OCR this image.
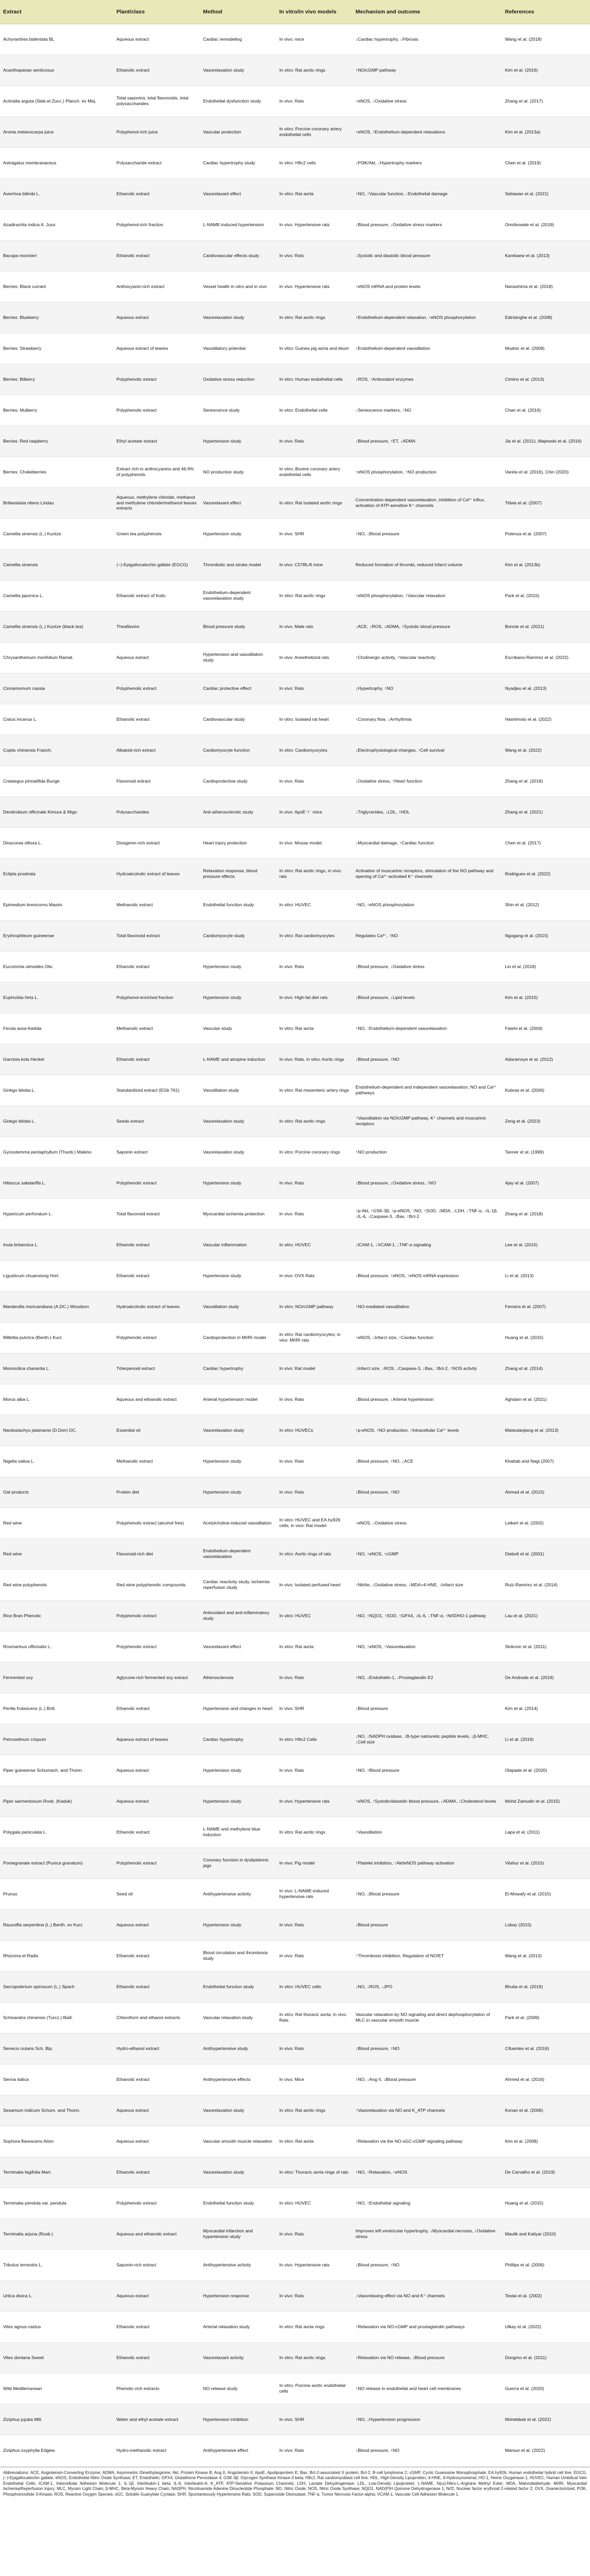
Extract	Plant/class	Method	In vitro/in vivo models	Mechanism and outcome	References
Achyranthes bidentata BL	Aqueous extract	Cardiac remodeling	In vivo: mice	↓Cardiac hypertrophy, ↓Fibrosis	Wang et al. (2018)
Acanthopanax senticosus	Ethanolic extract	Vasorelaxation study	In vitro: Rat aortic rings	↑NO/cGMP pathway	Kim et al. (2016)
Actinidia arguta (Sieb.et Zucc.) Planch. ex Miq.	Total saponins, total flavonoids, total polysaccharides	Endothelial dysfunction study	In vivo: Rats	↑eNOS, ↓Oxidative stress	Zhang et al. (2017)
Aronia melanocarpa juice	Polyphenol-rich juice	Vascular protection	In vitro: Porcine coronary artery endothelial cells	↑eNOS, ↑Endothelium-dependent relaxations	Kim et al. (2013a)
Astragalus membranaceus	Polysaccharide extract	Cardiac hypertrophy study	In vitro: H9c2 cells	↓PI3K/Akt, ↓Hypertrophy markers	Chen et al. (2019)
Averrhoa bilimbi L.	Ethanolic extract	Vasorelaxant effect	In vitro: Rat aorta	↑NO, ↑Vascular function, ↓Endothelial damage	Setiawan et al. (2021)
Azadirachta indica A. Juss	Polyphenol-rich fraction	L-NAME-induced hypertension	In vivo: Hypertensive rats	↓Blood pressure, ↓Oxidative stress markers	Omóbowale et al. (2019)
Bacopa monnieri	Ethanolic extract	Cardiovascular effects study	In vivo: Rats	↓Systolic and diastolic blood pressure	Kamkaew et al. (2013)
Berries: Black currant	Anthocyanin-rich extract	Vessel health in vitro and in vivo	In vivo: Hypertensive rats	↑eNOS mRNA and protein levels	Nanashima et al. (2018)
Berries: Blueberry	Aqueous extract	Vasorelaxation study	In vitro: Rat aortic rings	↑Endothelium-dependent relaxation, ↑eNOS phosphorylation	Edirisinghe et al. (2008)
Berries: Strawberry	Aqueous extract of leaves	Vasodilatory potential	In vitro: Guinea pig aorta and ileum	↑Endothelium-dependent vasodilation	Mudnic et al. (2009)
Berries: Bilberry	Polyphenolic extract	Oxidative stress reduction	In vitro: Human endothelial cells	↓ROS, ↑Antioxidant enzymes	Cimino et al. (2013)
Berries: Mulberry	Polyphenolic extract	Senescence study	In vitro: Endothelial cells	↓Senescence markers, ↑NO	Chan et al. (2016)
Berries: Red raspberry	Ethyl acetate extract	Hypertension study	In vivo: Rats	↓Blood pressure, ↑ET, ↓ADMA	Jia et al. (2011), Majewski et al. (2016)
Berries: Chokeberries	Extract rich in anthocyanins and 46.9% of polyphenols	NO production study	In vitro: Bovine coronary artery endothelial cells	↑eNOS phosphorylation, ↑NO production	Varela et al. (2016), Chin (2020)
Brillantaisia nitens Lindau	Aqueous, methylene chloride, methanol and methylene chloride/methanol leaves extracts	Vasorelaxant effect	In vitro: Rat isolated aortic rings	Concentration-dependent vasorelaxation, inhibition of Ca²⁺ influx, activation of ATP-sensitive K⁺ channels	Titiwa et al. (2007)
Camellia sinensis (L.) Kuntze	Green tea polyphenols	Hypertension study	In vivo: SHR	↑NO, ↓Blood pressure	Potenza et al. (2007)
Camellia sinensis	(−)-Epigallocatechin gallate (EGCG)	Thrombotic and stroke model	In vivo: C57BL/6 mice	Reduced formation of thrombi, reduced infarct volume	Kim et al. (2013b)
Camellia japonica L.	Ethanolic extract of fruits	Endothelium-dependent vasorelaxation study	In vitro: Rat aortic rings	↑eNOS phosphorylation, ↑Vascular relaxation	Park et al. (2015)
Camellia sinensis (L.) Kuntze (black tea)	Theaflavins	Blood pressure study	In vivo: Male rats	↓ACE, ↓ROS, ↓ADMA, ↑Systolic blood pressure	Bonnie et al. (2021)
Chrysanthemum morifolium Ramat.	Aqueous extract	Hypertension and vasodilation study	In vivo: Anesthetized rats	↑Cholinergic activity, ↑Vascular reactivity	Escribano-Ramírez et al. (2022)
Cinnamomum cassia	Polyphenolic extract	Cardiac protective effect	In vivo: Rats	↓Hypertrophy, ↑NO	Nyadjeu et al. (2013)
Cistus incanus L.	Ethanolic extract	Cardiovascular study	In vitro: Isolated rat heart	↑Coronary flow, ↓Arrhythmia	Hashimoto et al. (2022)
Coptis chinensis Franch.	Alkaloid-rich extract	Cardiomyocyte function	In vitro: Cardiomyocytes	↓Electrophysiological changes, ↑Cell survival	Wang et al. (2022)
Crataegus pinnatifida Bunge	Flavonoid extract	Cardioprotective study	In vivo: Rats	↓Oxidative stress, ↑Heart function	Zhang et al. (2019)
Dendrobium officinale Kimura & Migo	Polysaccharides	Anti-atherosclerotic study	In vivo: ApoE⁻/⁻ mice	↓Triglycerides, ↓LDL, ↑HDL	Zhang et al. (2021)
Dioscorea villosa L.	Diosgenin-rich extract	Heart injury protection	In vivo: Mouse model	↓Myocardial damage, ↑Cardiac function	Chen et al. (2017)
Eclipta prostrata	Hydroalcoholic extract of leaves	Relaxation response, blood pressure effects	In vitro: Rat aortic rings, in vivo: rats	Activation of muscarinic receptors, stimulation of the NO pathway and opening of Ca²⁺-activated K⁺ channels	Rodrigues et al. (2022)
Epimedium brevicornu Maxim.	Methanolic extract	Endothelial function study	In vitro: HUVEC	↑NO, ↑eNOS phosphorylation	Shin et al. (2012)
Erythrophleum guineense	Total flavonoid extract	Cardiomyocyte study	In vitro: Rat cardiomyocytes	Regulates Ca²⁺, ↑NO	Ngogang et al. (2015)
Eucommia ulmoides Oliv.	Ethanolic extract	Hypertension study	In vivo: Rats	↓Blood pressure, ↓Oxidative stress	Lin et al. (2018)
Euphorbia hirta L.	Polyphenol-enriched fraction	Hypertension study	In vivo: High-fat diet rats	↓Blood pressure, ↓Lipid levels	Kim et al. (2015)
Ferula assa-foetida	Methanolic extract	Vascular study	In vitro: Rat aorta	↑NO, ↑Endothelium-dependent vasorelaxation	Fatehi et al. (2004)
Garcinia kola Heckel	Ethanolic extract	L-NAME and atropine induction	In vivo: Rats, in vitro: Aortic rings	↓Blood pressure, ↑NO	Adaramoye et al. (2012)
Ginkgo biloba L.	Standardized extract (EGb 761)	Vasodilation study	In vitro: Rat mesenteric artery rings	Endothelium-dependent and independent vasorelaxation, NO and Ca²⁺ pathways	Kubota et al. (2006)
Ginkgo biloba L.	Seeds extract	Vasorelaxation study	In vitro: Rat aortic rings	↑Vasodilation via NO/cGMP pathway, K⁺ channels and muscarinic receptors	Zeng et al. (2023)
Gynostemma pentaphyllum (Thunb.) Makino	Saponin extract	Vasorelaxation study	In vitro: Porcine coronary rings	↑NO production	Tanner et al. (1999)
Hibiscus sabdariffa L.	Polyphenolic extract	Hypertension study	In vivo: Rats	↓Blood pressure, ↓Oxidative stress, ↑NO	Ajay et al. (2007)
Hypericum perforatum L.	Total flavonoid extract	Myocardial ischemia protection	In vivo: Rats	↑p-Akt, ↑GSK-3β, ↑p-eNOS, ↑NO, ↑SOD, ↓MDA, ↓LDH, ↓TNF-α, ↓IL-1β, ↓IL-6, ↓Caspase-3, ↓Bax, ↑Bcl-2	Zhang et al. (2018)
Inula britannica L.	Ethanolic extract	Vascular inflammation	In vitro: HUVEC	↓ICAM-1, ↓VCAM-1, ↓TNF-α signaling	Lee et al. (2015)
Ligusticum chuanxiong Hort.	Ethanolic extract	Hypertension study	In vivo: OVX Rats	↓Blood pressure, ↑eNOS, ↑eNOS mRNA expression	Li et al. (2013)
Mandevilla moricandiana (A.DC.) Woodson	Hydroalcoholic extract of leaves	Vasodilation study	In vitro: NO/cGMP pathway	↑NO-mediated vasodilation	Ferreira et al. (2007)
Millettia pulchra (Benth.) Kurz	Polyphenolic extract	Cardioprotection in MI/RI model	In vitro: Rat cardiomyocytes; in vivo: MI/RI rats	↑eNOS, ↓Infarct size, ↑Cardiac function	Huang et al. (2015)
Momordica charantia L.	Triterpenoid extract	Cardiac hypertrophy	In vivo: Rat model	↓Infarct size, ↓ROS, ↓Caspase-3, ↓Bax, ↑Bcl-2, ↑NOS activity	Zhang et al. (2014)
Morus alba L.	Aqueous and ethanolic extract	Arterial hypertension model	In vivo: Rats	↓Blood pressure, ↓Arterial hypertension	Aghdam et al. (2021)
Nardostachys jatamansi (D.Don) DC.	Essential oil	Vasorelaxation study	In vitro: HUVECs	↑p-eNOS, ↑NO production, ↑Intracellular Ca²⁺ levels	Maiwulanjiang et al. (2013)
Nigella sativa L.	Methanolic extract	Hypertension study	In vivo: Rats	↓Blood pressure, ↑NO, ↓ACE	Khattab and Nagi (2007)
Oat products	Protein diet	Hypertension study	In vivo: Rats	↓Blood pressure, ↑NO	Ahmad et al. (2015)
Red wine	Polyphenolic extract (alcohol free)	Acetylcholine-induced vasodilation	In vitro: HUVEC and EA.hy926 cells; in vivo: Rat model	↑eNOS, ↓Oxidative stress	Leikert et al. (2002)
Red wine	Flavonoid-rich diet	Endothelium-dependent vasorelaxation	In vitro: Aortic rings of rats	↑NO, ↑eNOS, ↑cGMP	Diebolt et al. (2001)
Red wine polyphenols	Red wine polyphenolic compounds	Cardiac reactivity study, ischemia-reperfusion study	In vivo: Isolated perfused heart	↑Nitrite, ↓Oxidative stress, ↓MDA+4-HNE, ↓Infarct size	Ruiz-Ramírez et al. (2014)
Rice Bran Phenolic	Polyphenolic extract	Antioxidant and anti-inflammatory study	In vitro: HUVEC	↑NO, ↑NQO1, ↑SOD, ↑GPX4, ↓IL-6, ↓TNF-α, ↑Nrf2/HO-1 pathway	Lau et al. (2021)
Rosmarinus officinalis L.	Polyphenolic extract	Vasorelaxant effect	In vitro: Rat aorta	↑NO, ↑eNOS, ↑Vasorelaxation	Sinkovic et al. (2011)
Fermented soy	Aglycone-rich fermented soy extract	Atherosclerosis	In vivo: Rats	↑NO, ↓Endothelin-1, ↓Prostaglandin E2	De Andrade et al. (2019)
Perilla frutescens (L.) Britt.	Ethanolic extract	Hypertension and changes in heart	In vivo: SHR	↓Blood pressure	Kim et al. (2014)
Petroselinum crispum	Aqueous extract of leaves	Cardiac hypertrophy	In vitro: H9c2 Cells	↓NO, ↓NADPH oxidase, ↓B-type natriuretic peptide levels, ↓β-MHC, ↓Cell size	Li et al. (2019)
Piper guineense Schumach. and Thonn.	Aqueous extract	Hypertension study	In vivo: Rats	↑NO, ↑Blood pressure	Olapade et al. (2020)
Piper sarmentosum Roxb. (Kaduk)	Aqueous extract	Hypertension study	In vivo: Hypertensive rats	↑eNOS, ↑Systolic/diastolic blood pressure, ↓ADMA, ↓Cholesterol levels	Mohd Zainudin et al. (2015)
Polygala paniculata L.	Ethanolic extract	L-NAME and methylene blue induction	In vitro: Rat aortic rings	↑Vasodilation	Lapa et al. (2011)
Pomegranate extract (Punica granatum)	Polyphenolic extract	Coronary function in dyslipidemic pigs	In vivo: Pig model	↑Platelet inhibition, ↑Akt/eNOS pathway activation	Vilahur et al. (2015)
Prunus	Seed oil	Antihypertensive activity	In vivo: L-NAME-induced hypertensive rats	↑NO, ↓Blood pressure	El-Mowafy et al. (2015)
Rauvolfia serpentina (L.) Benth. ex Kurz	Aqueous extract	Hypertension study	In vivo: Rats	↓Blood pressure	Lobay (2015)
Rhizoma et Radix	Ethanolic extract	Blood circulation and thrombosis study	In vivo: Rats	↑Thrombosis inhibition, Regulation of NO/ET	Wang et al. (2013)
Sarcopoterium spinosum (L.) Spach	Ethanolic extract	Endothelial function study	In vitro: HUVEC cells	↓NO, ↓ROS, ↓JPO	Bhutia et al. (2019)
Schisandra chinensis (Turcz.) Baill.	Chloroform and ethanol extracts	Vascular relaxation study	In vitro: Rat thoracic aorta; in vivo: Rats	Vascular relaxation by NO signaling and direct dephosphorylation of MLC in vascular smooth muscle	Park et al. (2009)
Senecio nutans Sch. Bip.	Hydro-ethanol extract	Antihypertensive study	In vivo: Rats	↓Blood pressure, ↑NO	Cifuentes et al. (2016)
Senna italica	Ethanolic extract	Antihypertensive effects	In vivo: Mice	↑NO, ↓Ang II, ↓Blood pressure	Ahmed et al. (2016)
Sesamum indicum Schum. and Thonn.	Aqueous extract	Vasorelaxation study	In vitro: Rat aortic rings	↑Vasorelaxation via NO and K_ATP channels	Konan et al. (2006)
Sophora flavescens Aiton	Aqueous extract	Vascular smooth muscle relaxation	In vitro: Rat aorta	↑Relaxation via the NO-sGC-cGMP signaling pathway	Kim et al. (2008)
Terminalia fagifolia Mart.	Ethanolic extract	Vasorelaxation study	In vitro: Thoracic aorta rings of rats	↑NO, ↑Relaxation, ↑eNOS	De Carvalho et al. (2019)
Terminalia pendula var. pendula	Polyphenolic extract	Endothelial function study	In vitro: HUVEC	↑NO, ↑Endothelial signaling	Huang et al. (2015)
Terminalia arjuna (Roxb.)	Aqueous and ethanolic extract	Myocardial infarction and hypertension study	In vivo: Rats	Improves left ventricular hypertrophy, ↓Myocardial necrosis, ↓Oxidative stress	Maulik and Katiyar (2010)
Tribulus terrestris L.	Saponin-rich extract	Antihypertensive activity	In vivo: Hypertensive rats	↓Blood pressure, ↑NO	Phillips et al. (2006)
Urtica dioica L.	Aqueous extract	Hypertension response	In vivo: Rats	↓Vasorelaxing effect via NO and K⁺ channels	Testai et al. (2002)
Vitex agnus-castus	Ethanolic extract	Arterial relaxation study	In vitro: Rat aorta rings	↑Relaxation via NO-cGMP and prostaglandin pathways	Ulkay et al. (2022)
Vitex doniana Sweet	Ethanolic extract	Vasorelaxant activity	In vitro: Rat aortic rings	↑Relaxation via NO release, ↓Blood pressure	Dongmo et al. (2011)
Wild Mediterranean	Phenolic-rich extracts	NO release study	In vitro: Porcine aortic endothelial cells	↑NO release in endothelial and heart cell membranes	Guerra et al. (2020)
Ziziphus jujuba Mill.	Water and ethyl acetate extract	Hypertension inhibition	In vivo: SHR	↑NO, ↓Hypertension progression	Mohebbati et al. (2022)
Ziziphus oxyphylla Edgew.	Hydro-methanolic extract	Antihypertensive effect	In vivo: Rats	↓Blood pressure, ↑NO	Mansur et al. (2022)
Abbreviations: ACE, Angiotensin-Converting Enzyme; ADMA, Asymmetric Dimethylarginine; Akt, Protein Kinase B; Ang II, Angiotensin II; ApoE, Apolipoprotein E; Bax, Bcl-2-associated X protein; Bcl-2, B-cell lymphoma 2; cGMP, Cyclic Guanosine Monophosphate; EA.hy926, Human endothelial hybrid cell line; EGCG, (−)-Epigallocatechin gallate; eNOS, Endothelial Nitric Oxide Synthase; ET, Endothelin; GPX4, Glutathione Peroxidase 4; GSK-3β, Glycogen Synthase Kinase-3 beta; H9c2, Rat cardiomyoblast cell line; HDL, High-Density Lipoprotein; 4-HNE, 4-Hydroxynonenal; HO-1, Heme Oxygenase-1; HUVEC, Human Umbilical Vein Endothelial Cells; ICAM-1, Intercellular Adhesion Molecule 1; IL-1β, Interleukin-1 beta; IL-6, Interleukin-6; K_ATP, ATP-Sensitive Potassium Channels; LDH, Lactate Dehydrogenase; LDL, Low-Density Lipoprotein; L-NAME, N(ω)-Nitro-L-Arginine Methyl Ester; MDA, Malondialdehyde; MI/RI, Myocardial Ischemia/Reperfusion Injury; MLC, Myosin Light Chain; β-MHC, Beta-Myosin Heavy Chain; NADPH, Nicotinamide Adenine Dinucleotide Phosphate; NO, Nitric Oxide; NOS, Nitric Oxide Synthase; NQO1, NAD(P)H Quinone Dehydrogenase 1; Nrf2, Nuclear factor erythroid 2-related factor 2; OVX, Ovariectomized; PI3K, Phosphoinositide 3-Kinase; ROS, Reactive Oxygen Species; sGC, Soluble Guanylate Cyclase; SHR, Spontaneously Hypertensive Rats; SOD, Superoxide Dismutase; TNF-α, Tumor Necrosis Factor-alpha; VCAM-1, Vascular Cell Adhesion Molecule 1.
